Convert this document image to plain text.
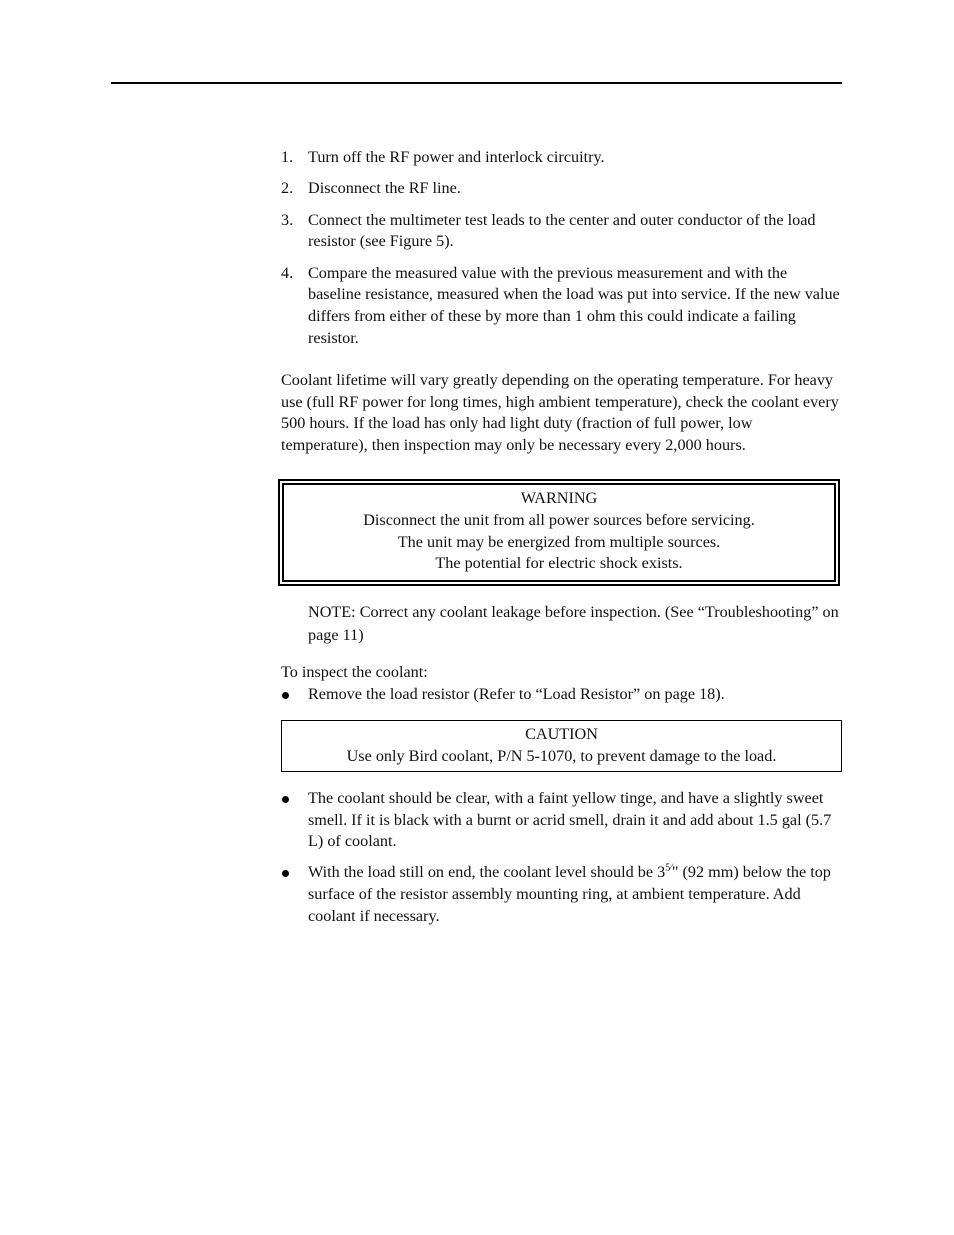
1. Turn off the RF power and interlock circuitry.
2. Disconnect the RF line.
3. Connect the multimeter test leads to the center and outer conductor of the load resistor (see Figure 5).
4. Compare the measured value with the previous measurement and with the baseline resistance, measured when the load was put into service. If the new value differs from either of these by more than 1 ohm this could indicate a failing resistor.

Coolant lifetime will vary greatly depending on the operating temperature. For heavy use (full RF power for long times, high ambient temperature), check the coolant every 500 hours. If the load has only had light duty (fraction of full power, low temperature), then inspection may only be necessary every 2,000 hours.

WARNING
Disconnect the unit from all power sources before servicing.
The unit may be energized from multiple sources.
The potential for electric shock exists.

NOTE: Correct any coolant leakage before inspection. (See “Troubleshooting” on page 11)

To inspect the coolant:

Remove the load resistor (Refer to “Load Resistor” on page 18).
CAUTION
Use only Bird coolant, P/N 5-1070, to prevent damage to the load.
The coolant should be clear, with a faint yellow tinge, and have a slightly sweet smell. If it is black with a burnt or acrid smell, drain it and add about 1.5 gal (5.7 L) of coolant.
With the load still on end, the coolant level should be $3^{5⁄}$" (92 mm) below the top surface of the resistor assembly mounting ring, at ambient temperature. Add coolant if necessary.
